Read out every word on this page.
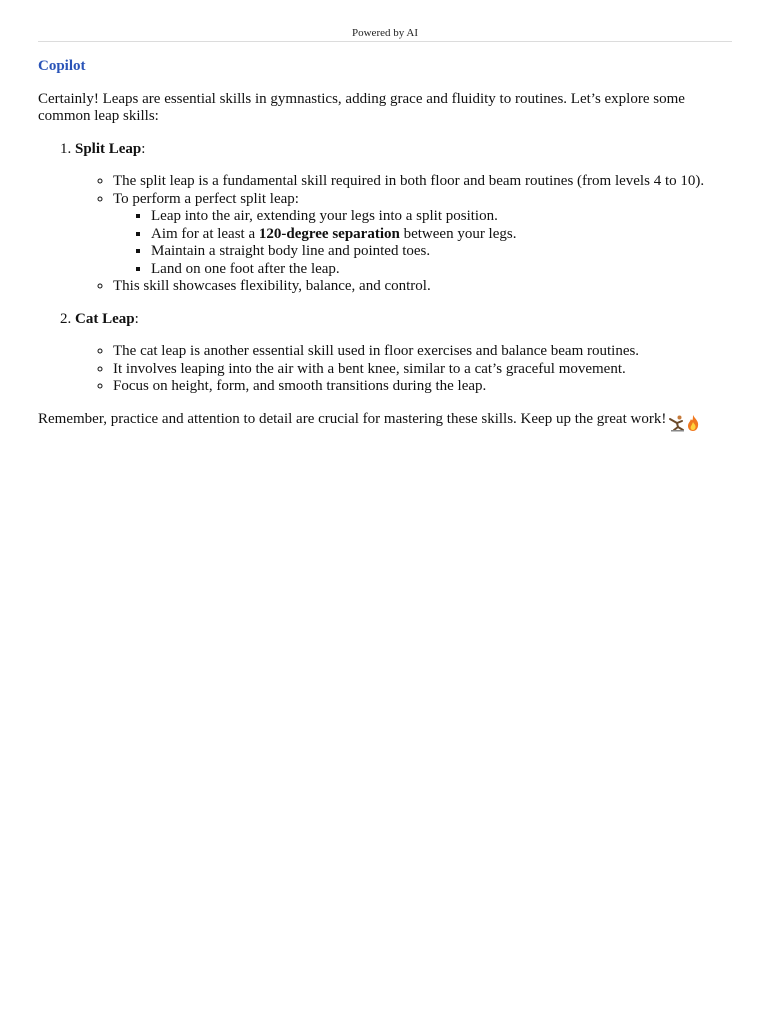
Powered by AI
Copilot

Certainly! Leaps are essential skills in gymnastics, adding grace and fluidity to routines. Let’s explore some common leap skills:

1. Split Leap:
◦ The split leap is a fundamental skill required in both floor and beam routines (from levels 4 to 10).
◦ To perform a perfect split leap:
▪ Leap into the air, extending your legs into a split position.
▪ Aim for at least a 120-degree separation between your legs.
▪ Maintain a straight body line and pointed toes.
▪ Land on one foot after the leap.
◦ This skill showcases flexibility, balance, and control.
2. Cat Leap:
◦ The cat leap is another essential skill used in floor exercises and balance beam routines.
◦ It involves leaping into the air with a bent knee, similar to a cat’s graceful movement.
◦ Focus on height, form, and smooth transitions during the leap.

Remember, practice and attention to detail are crucial for mastering these skills. Keep up the great work!
